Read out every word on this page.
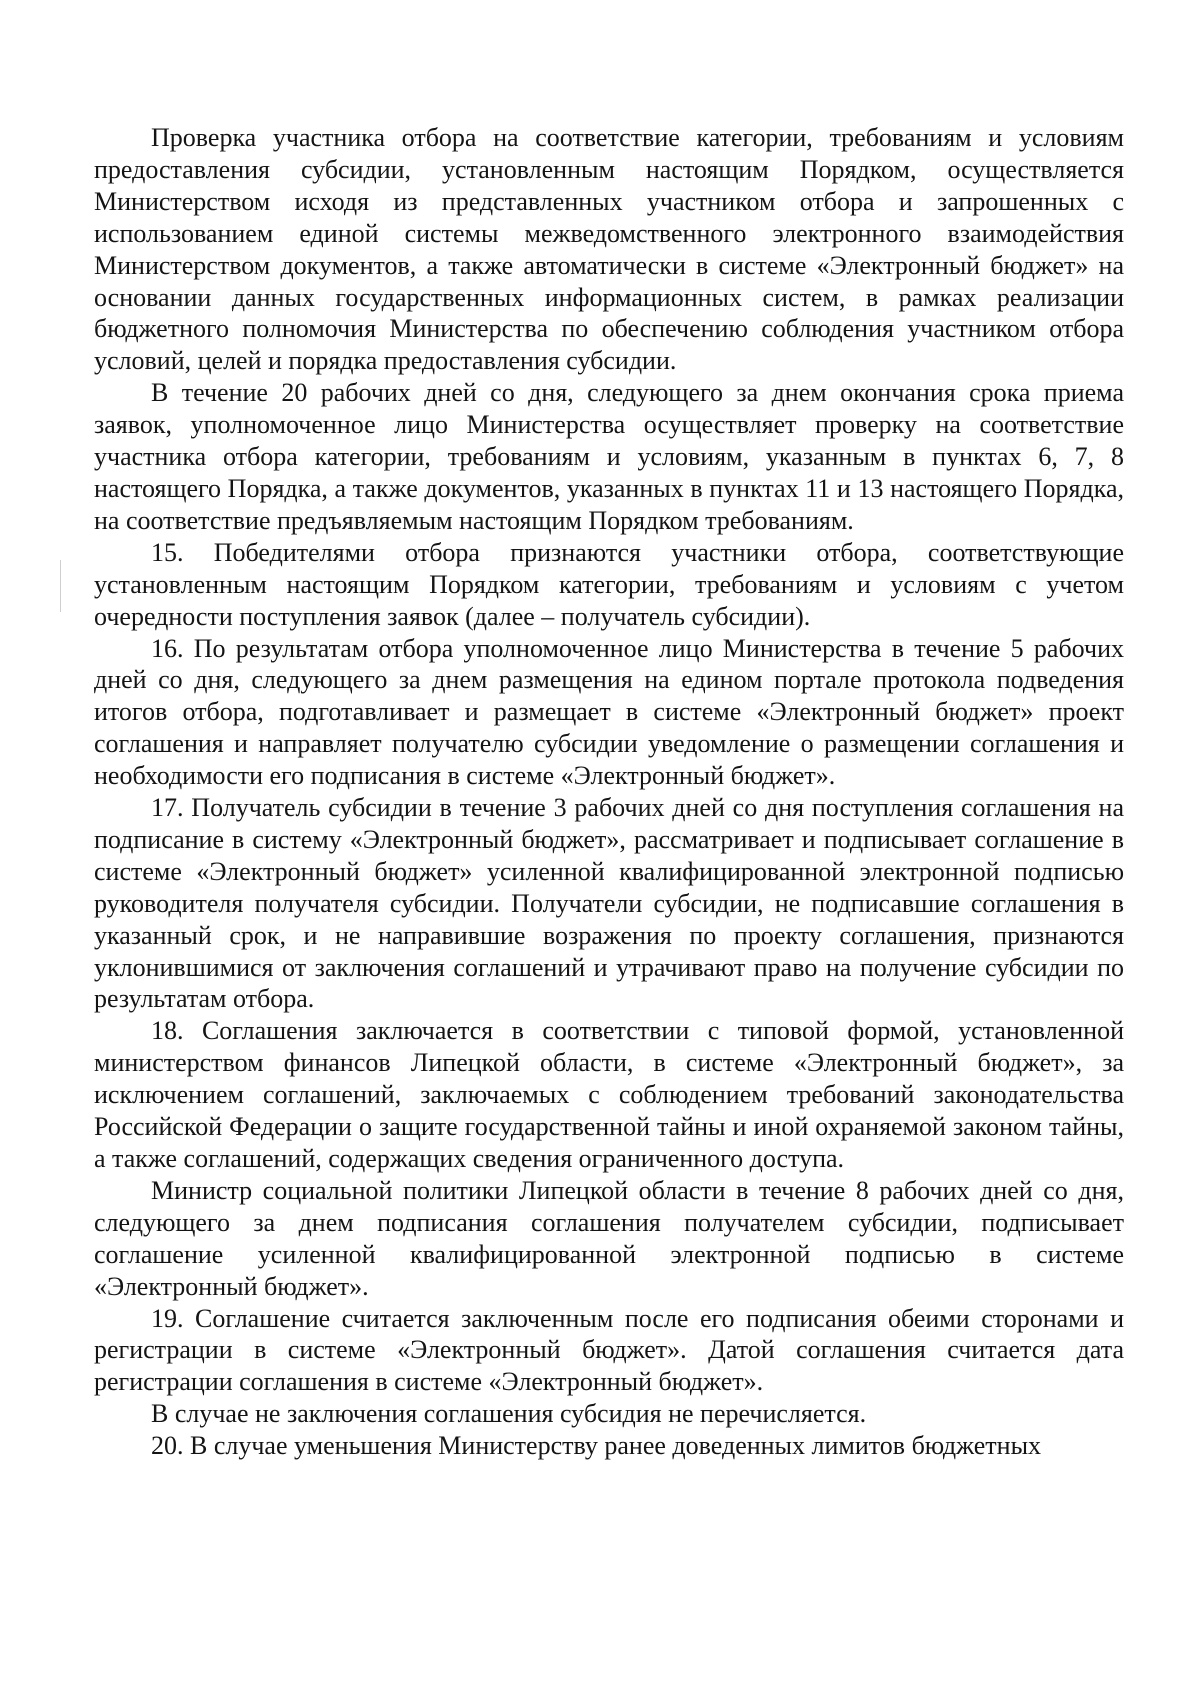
Проверка участника отбора на соответствие категории, требованиям и условиям предоставления субсидии, установленным настоящим Порядком, осуществляется Министерством исходя из представленных участником отбора и запрошенных с использованием единой системы межведомственного электронного взаимодействия Министерством документов, а также автоматически в системе «Электронный бюджет» на основании данных государственных информационных систем, в рамках реализации бюджетного полномочия Министерства по обеспечению соблюдения участником отбора условий, целей и порядка предоставления субсидии.

В течение 20 рабочих дней со дня, следующего за днем окончания срока приема заявок, уполномоченное лицо Министерства осуществляет проверку на соответствие участника отбора категории, требованиям и условиям, указанным в пунктах 6, 7, 8 настоящего Порядка, а также документов, указанных в пунктах 11 и 13 настоящего Порядка, на соответствие предъявляемым настоящим Порядком требованиям.

15. Победителями отбора признаются участники отбора, соответствующие установленным настоящим Порядком категории, требованиям и условиям с учетом очередности поступления заявок (далее – получатель субсидии).

16. По результатам отбора уполномоченное лицо Министерства в течение 5 рабочих дней со дня, следующего за днем размещения на едином портале протокола подведения итогов отбора, подготавливает и размещает в системе «Электронный бюджет» проект соглашения и направляет получателю субсидии уведомление о размещении соглашения и необходимости его подписания в системе «Электронный бюджет».

17. Получатель субсидии в течение 3 рабочих дней со дня поступления соглашения на подписание в систему «Электронный бюджет», рассматривает и подписывает соглашение в системе «Электронный бюджет» усиленной квалифицированной электронной подписью руководителя получателя субсидии. Получатели субсидии, не подписавшие соглашения в указанный срок, и не направившие возражения по проекту соглашения, признаются уклонившимися от заключения соглашений и утрачивают право на получение субсидии по результатам отбора.

18. Соглашения заключается в соответствии с типовой формой, установленной министерством финансов Липецкой области, в системе «Электронный бюджет», за исключением соглашений, заключаемых с соблюдением требований законодательства Российской Федерации о защите государственной тайны и иной охраняемой законом тайны, а также соглашений, содержащих сведения ограниченного доступа.

Министр социальной политики Липецкой области в течение 8 рабочих дней со дня, следующего за днем подписания соглашения получателем субсидии, подписывает соглашение усиленной квалифицированной электронной подписью в системе «Электронный бюджет».

19. Соглашение считается заключенным после его подписания обеими сторонами и регистрации в системе «Электронный бюджет». Датой соглашения считается дата регистрации соглашения в системе «Электронный бюджет».

В случае не заключения соглашения субсидия не перечисляется.

20. В случае уменьшения Министерству ранее доведенных лимитов бюджетных
